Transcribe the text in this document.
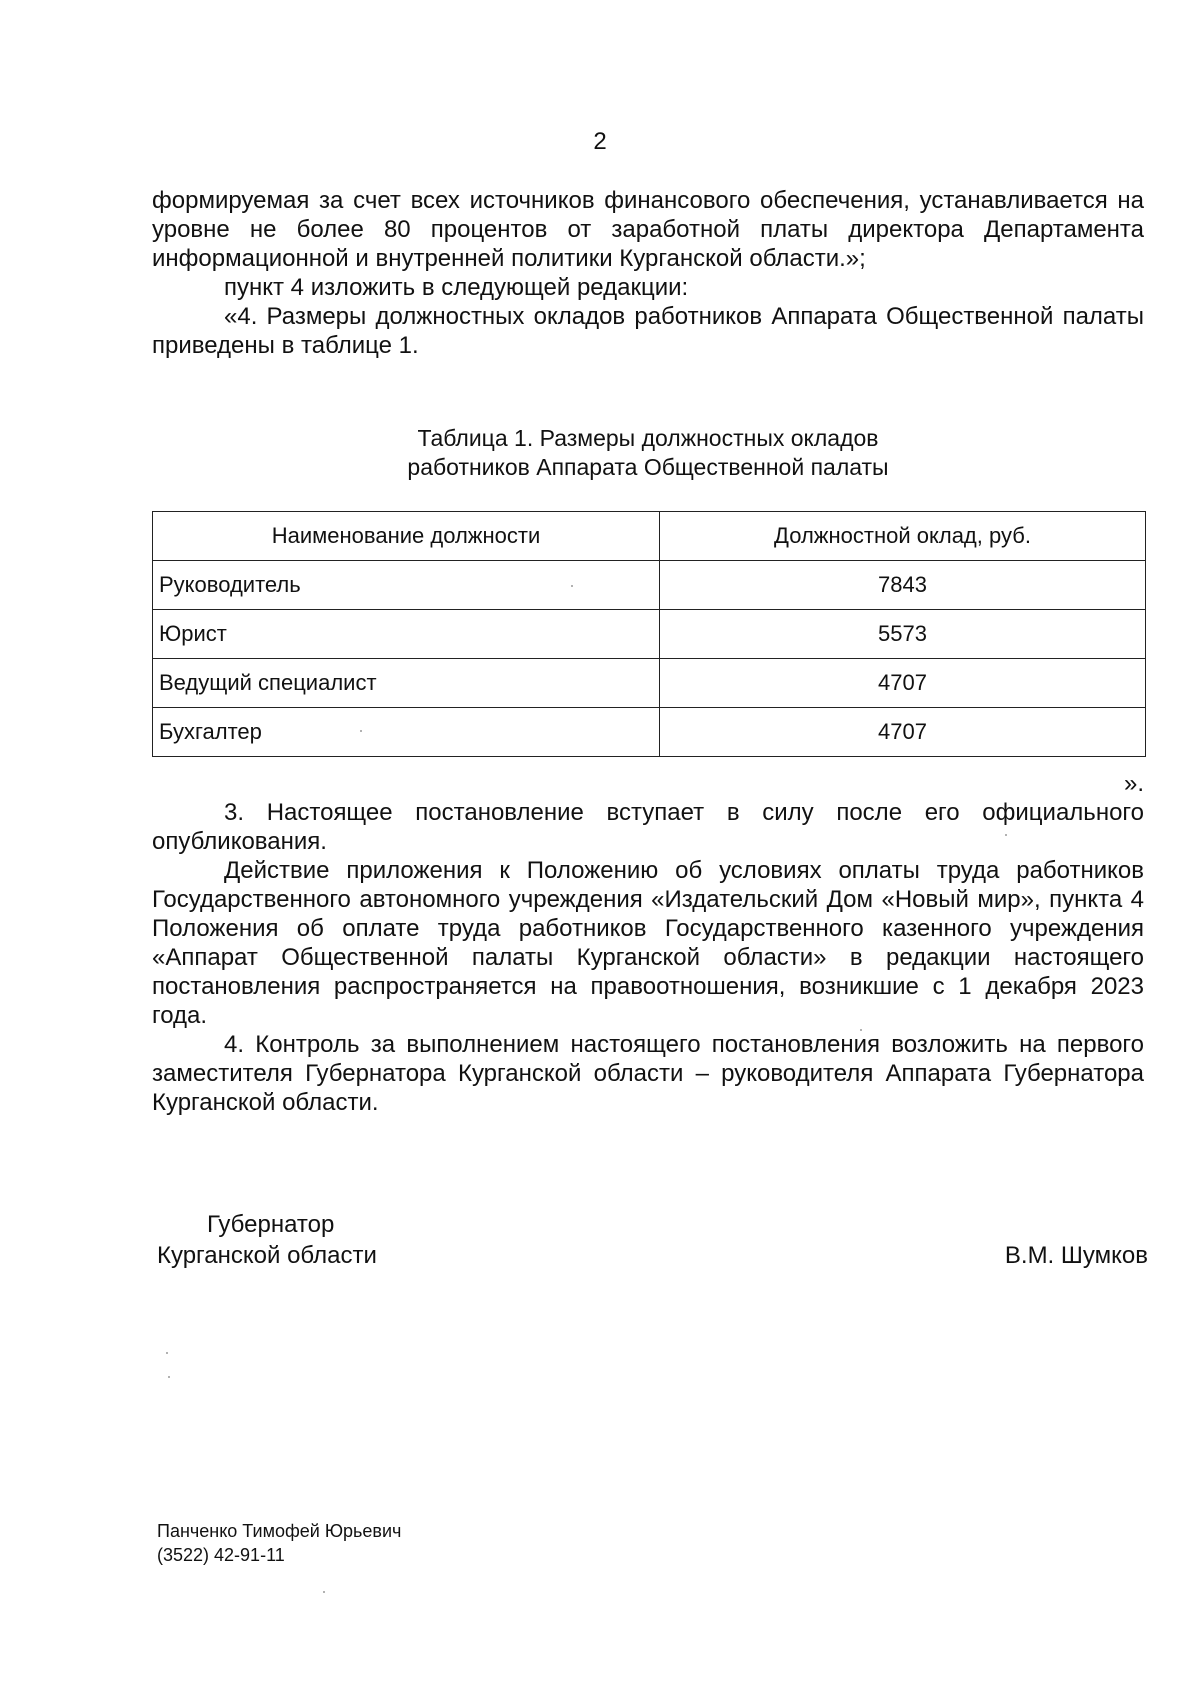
2

формируемая за счет всех источников финансового обеспечения, устанавливается на уровне не более 80 процентов от заработной платы директора Департамента информационной и внутренней политики Курганской области.»;

пункт 4 изложить в следующей редакции:

«4. Размеры должностных окладов работников Аппарата Общественной палаты приведены в таблице 1.

Таблица 1. Размеры должностных окладов
работников Аппарата Общественной палаты
Наименование должности	Должностной оклад, руб.
Руководитель	7843
Юрист	5573
Ведущий специалист	4707
Бухгалтер	4707
».

3. Настоящее постановление вступает в силу после его официального опубликования.

Действие приложения к Положению об условиях оплаты труда работников Государственного автономного учреждения «Издательский Дом «Новый мир», пункта 4 Положения об оплате труда работников Государственного казенного учреждения «Аппарат Общественной палаты Курганской области» в редакции настоящего постановления распространяется на правоотношения, возникшие с 1 декабря 2023 года.

4. Контроль за выполнением настоящего постановления возложить на первого заместителя Губернатора Курганской области – руководителя Аппарата Губернатора Курганской области.

Губернатор
Курганской области	В.М. Шумков
Панченко Тимофей Юрьевич
(3522) 42-91-11
